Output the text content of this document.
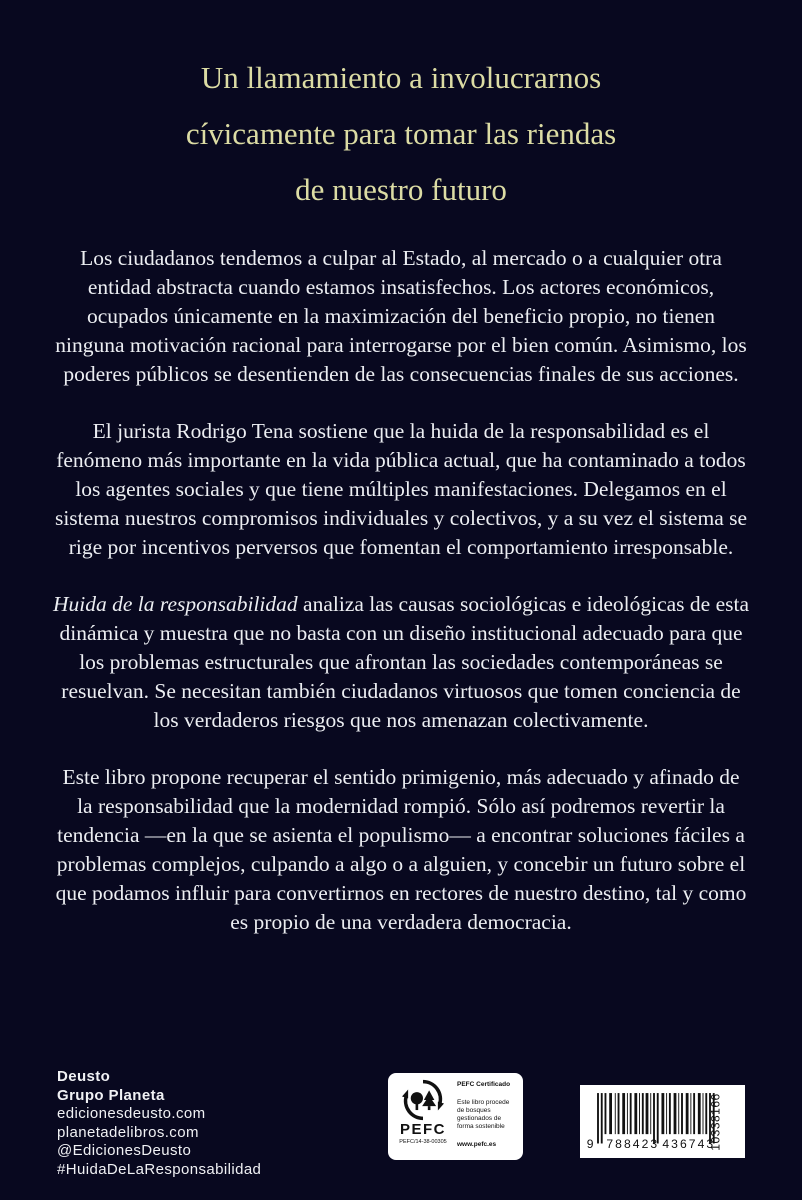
Un llamamiento a involucrarnos
cívicamente para tomar las riendas
de nuestro futuro

Los ciudadanos tendemos a culpar al Estado, al mercado o a cualquier otra entidad abstracta cuando estamos insatisfechos. Los actores económicos, ocupados únicamente en la maximización del beneficio propio, no tienen ninguna motivación racional para interrogarse por el bien común. Asimismo, los poderes públicos se desentienden de las consecuencias finales de sus acciones.

El jurista Rodrigo Tena sostiene que la huida de la responsabilidad es el fenómeno más importante en la vida pública actual, que ha contaminado a todos los agentes sociales y que tiene múltiples manifestaciones. Delegamos en el sistema nuestros compromisos individuales y colectivos, y a su vez el sistema se rige por incentivos perversos que fomentan el comportamiento irresponsable.

Huida de la responsabilidad analiza las causas sociológicas e ideológicas de esta dinámica y muestra que no basta con un diseño institucional adecuado para que los problemas estructurales que afrontan las sociedades contemporáneas se resuelvan. Se necesitan también ciudadanos virtuosos que tomen conciencia de los verdaderos riesgos que nos amenazan colectivamente.

Este libro propone recuperar el sentido primigenio, más adecuado y afinado de la responsabilidad que la modernidad rompió. Sólo así podremos revertir la tendencia —en la que se asienta el populismo— a encontrar soluciones fáciles a problemas complejos, culpando a algo o a alguien, y concebir un futuro sobre el que podamos influir para convertirnos en rectores de nuestro destino, tal y como es propio de una verdadera democracia.

Deusto
Grupo Planeta
edicionesdeusto.com
planetadelibros.com
@EdicionesDeusto
#HuidaDeLaResponsabilidad
PEFC
PEFC/14-38-00305
PEFC Certificado
Este libro procede de bosques gestionados de forma sostenible
www.pefc.es	9 788423 436743
10338166
